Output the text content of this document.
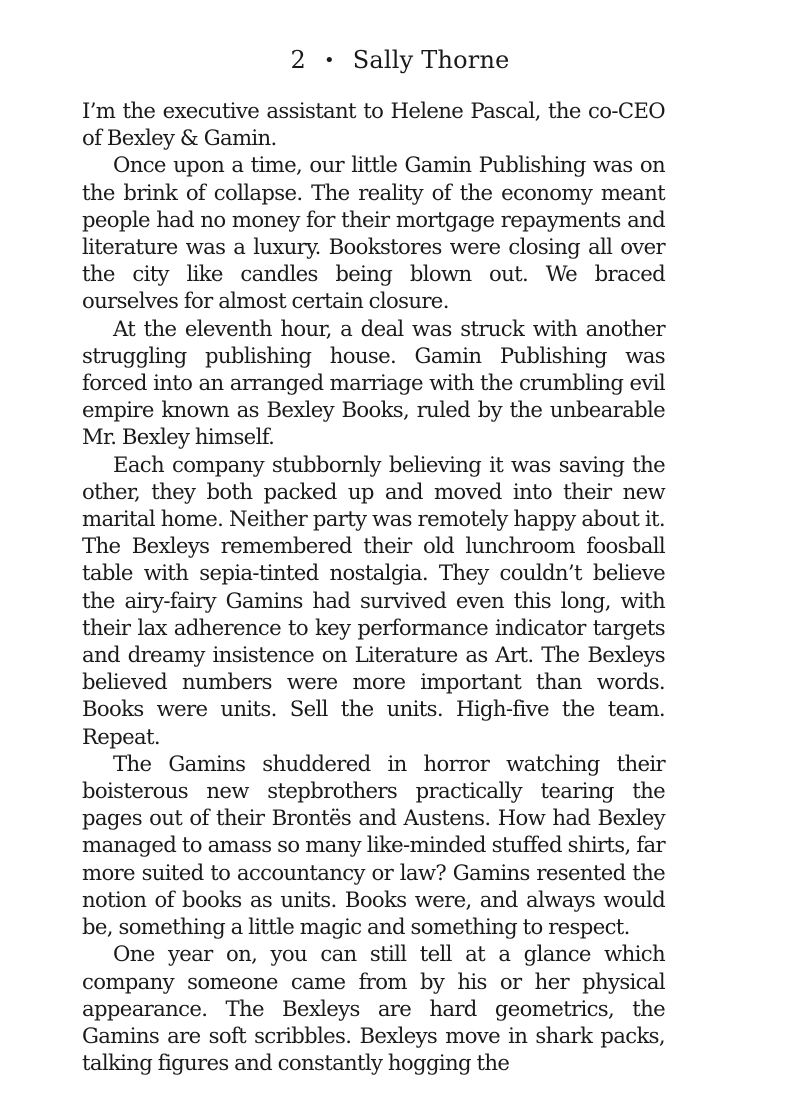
2 • Sally Thorne

I’m the executive assistant to Helene Pascal, the co-CEO of Bexley & Gamin.

Once upon a time, our little Gamin Publishing was on the brink of collapse. The reality of the economy meant people had no money for their mortgage repayments and literature was a luxury. Bookstores were closing all over the city like candles being blown out. We braced ourselves for almost certain closure.

At the eleventh hour, a deal was struck with another struggling publishing house. Gamin Publishing was forced into an arranged marriage with the crumbling evil empire known as Bexley Books, ruled by the unbearable Mr. Bexley himself.

Each company stubbornly believing it was saving the other, they both packed up and moved into their new marital home. Neither party was remotely happy about it. The Bexleys remembered their old lunchroom foosball table with sepia-tinted nostalgia. They couldn’t believe the airy-fairy Gamins had survived even this long, with their lax adherence to key performance indicator targets and dreamy insistence on Literature as Art. The Bexleys believed numbers were more important than words. Books were units. Sell the units. High-five the team. Repeat.

The Gamins shuddered in horror watching their boisterous new stepbrothers practically tearing the pages out of their Brontës and Austens. How had Bexley managed to amass so many like-minded stuffed shirts, far more suited to accountancy or law? Gamins resented the notion of books as units. Books were, and always would be, something a little magic and something to respect.

One year on, you can still tell at a glance which company someone came from by his or her physical appearance. The Bexleys are hard geometrics, the Gamins are soft scribbles. Bexleys move in shark packs, talking figures and constantly hogging the
